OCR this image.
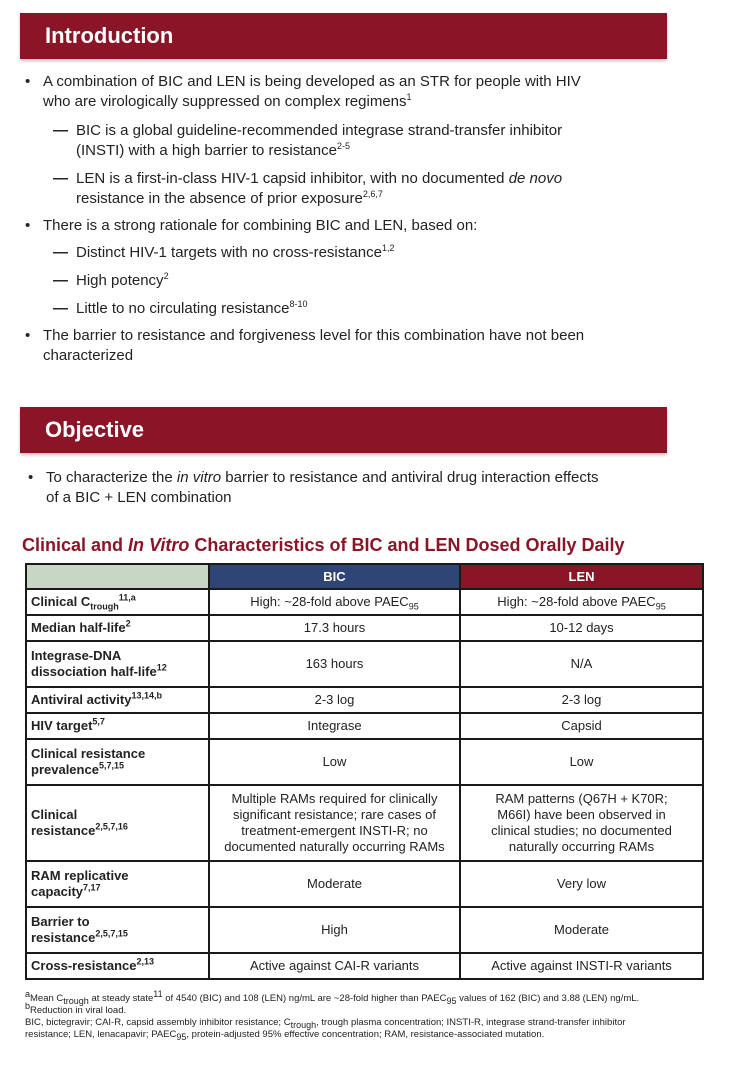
Introduction
• A combination of BIC and LEN is being developed as an STR for people with HIV
who are virologically suppressed on complex regimens$^1$
— BIC is a global guideline-recommended integrase strand-transfer inhibitor
(INSTI) with a high barrier to resistance$^{2-5}$
— LEN is a first-in-class HIV-1 capsid inhibitor, with no documented de novo
resistance in the absence of prior exposure$^{2,6,7}$
• There is a strong rationale for combining BIC and LEN, based on:
— Distinct HIV-1 targets with no cross-resistance$^{1,2}$
— High potency$^2$
— Little to no circulating resistance$^{8-10}$
• The barrier to resistance and forgiveness level for this combination have not been
characterized
Objective
• To characterize the in vitro barrier to resistance and antiviral drug interaction effects
of a BIC + LEN combination
Clinical and In Vitro Characteristics of BIC and LEN Dosed Orally Daily
	BIC	LEN
Clinical $C_{trough}^{11,a}$	High: ~28-fold above $PAEC_{95}$	High: ~28-fold above $PAEC_{95}$
Median half-life$^2$	17.3 hours	10-12 days
Integrase-DNA
dissociation half-life$^{12}$	163 hours	N/A
Antiviral activity$^{13,14,b}$	2-3 log	2-3 log
HIV target$^{5,7}$	Integrase	Capsid
Clinical resistance
prevalence$^{5,7,15}$	Low	Low
Clinical
resistance$^{2,5,7,16}$	Multiple RAMs required for clinically
significant resistance; rare cases of
treatment-emergent INSTI-R; no
documented naturally occurring RAMs	RAM patterns (Q67H + K70R;
M66I) have been observed in
clinical studies; no documented
naturally occurring RAMs
RAM replicative
capacity$^{7,17}$	Moderate	Very low
Barrier to
resistance$^{2,5,7,15}$	High	Moderate
Cross-resistance$^{2,13}$	Active against CAI-R variants	Active against INSTI-R variants
$^a$Mean $C_{trough}$ at steady state$^{11}$ of 4540 (BIC) and 108 (LEN) ng/mL are ~28-fold higher than $PAEC_{95}$ values of 162 (BIC) and 3.88 (LEN) ng/mL.
$^b$Reduction in viral load.
BIC, bictegravir; CAI-R, capsid assembly inhibitor resistance; $C_{trough}$, trough plasma concentration; INSTI-R, integrase strand-transfer inhibitor
resistance; LEN, lenacapavir; $PAEC_{95}$, protein-adjusted 95% effective concentration; RAM, resistance-associated mutation.
